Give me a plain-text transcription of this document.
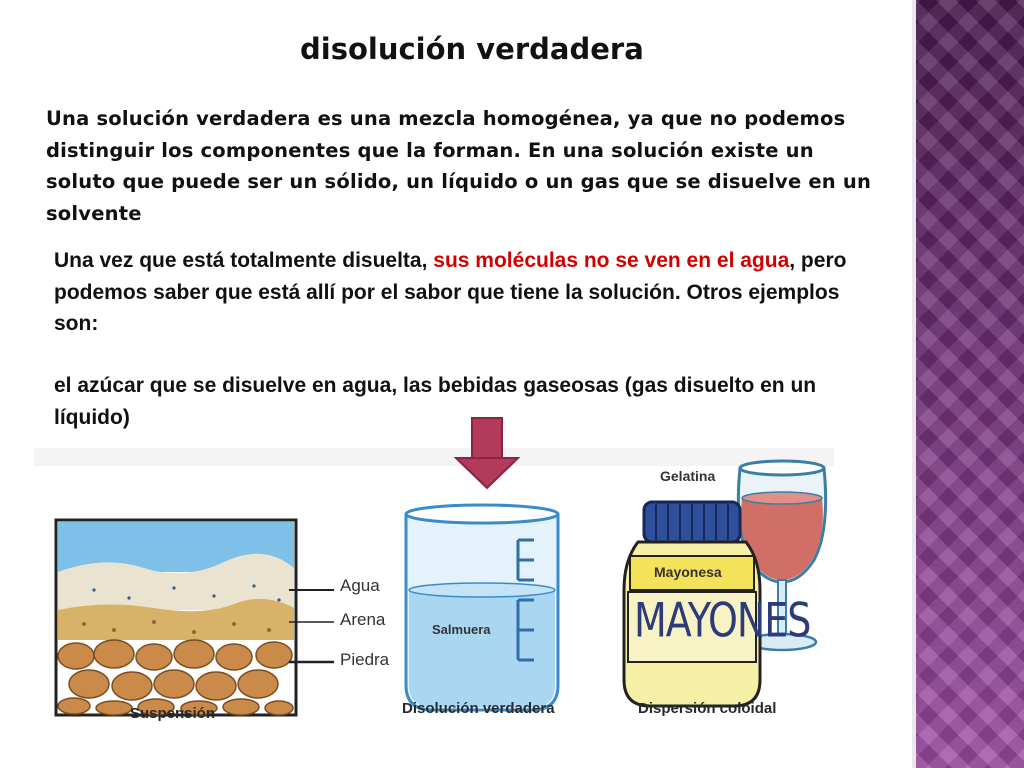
disolución verdadera
Una solución verdadera es una mezcla homogénea, ya que no podemos distinguir los componentes que la forman. En una solución existe un soluto que puede ser un sólido, un líquido o un gas que se disuelve en un solvente
Una vez que está totalmente disuelta, sus moléculas no se ven en el agua, pero podemos saber que está allí por el sabor que tiene la solución. Otros ejemplos son:
el azúcar que se disuelve en agua, las bebidas gaseosas (gas disuelto en un líquido)
Agua
Arena
Piedra
Suspensión
Salmuera
Disolución verdadera
Gelatina
Mayonesa
MAYONES
Dispersión coloidal
